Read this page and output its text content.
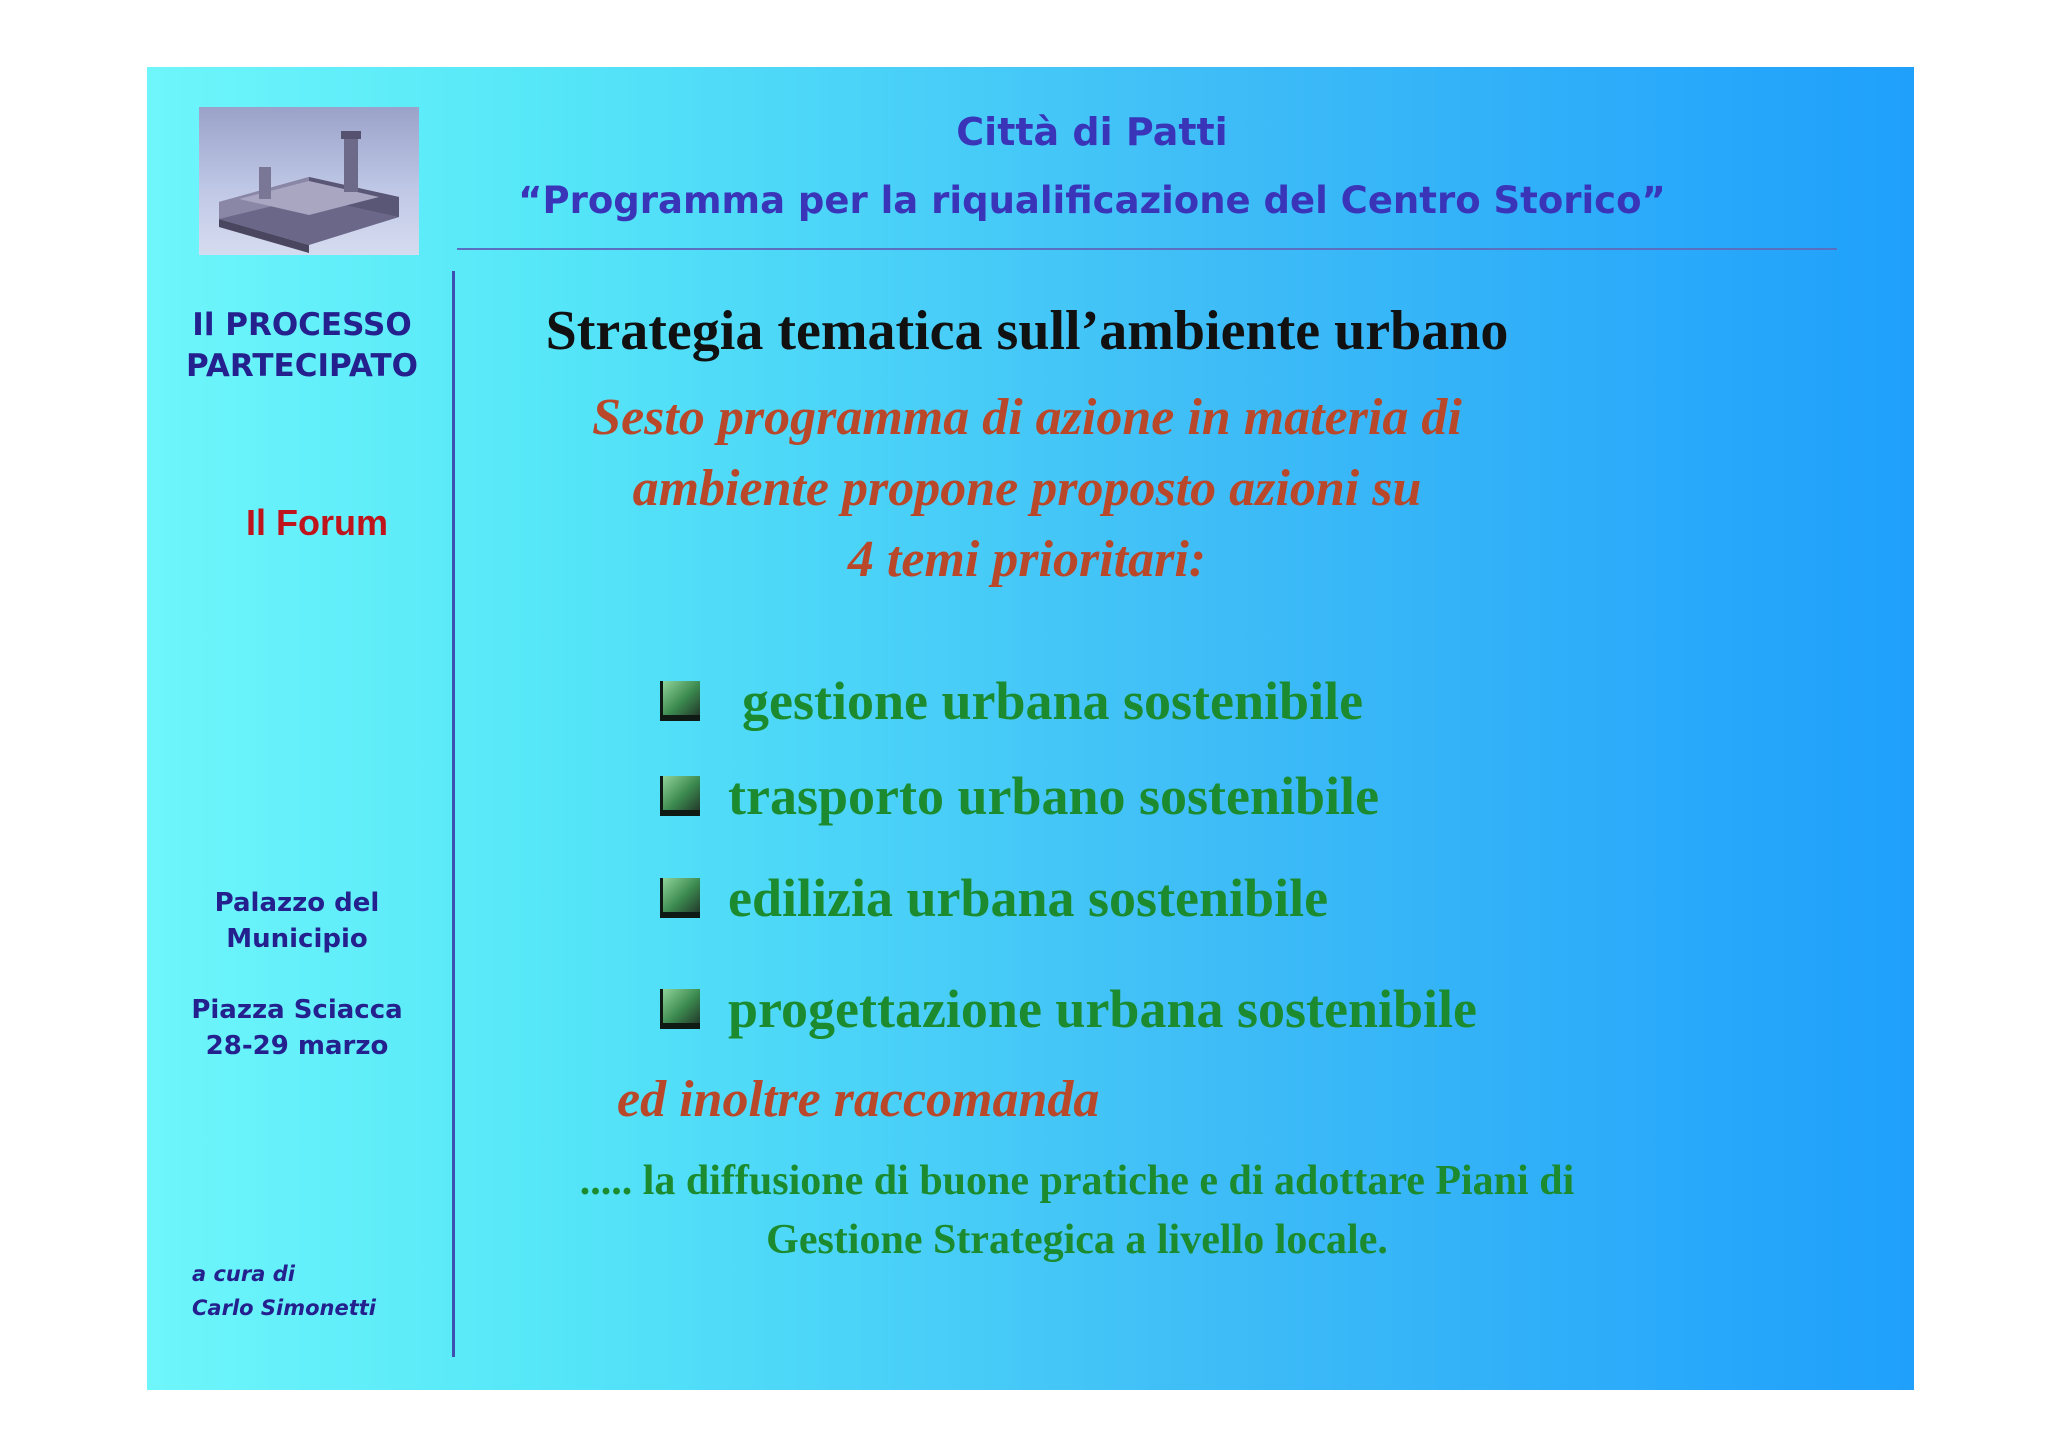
Città di Patti
“Programma per la riqualificazione del Centro Storico”
Il PROCESSO
PARTECIPATO
Il Forum
Palazzo del
Municipio
Piazza Sciacca
28-29 marzo
a cura di
Carlo Simonetti
Strategia tematica sull’ambiente urbano
Sesto programma di azione in materia di
ambiente propone proposto azioni su
4 temi prioritari:
gestione urbana sostenibile
trasporto urbano sostenibile
edilizia urbana sostenibile
progettazione urbana sostenibile
ed inoltre raccomanda
..... la diffusione di buone pratiche e di adottare Piani di
Gestione Strategica a livello locale.
